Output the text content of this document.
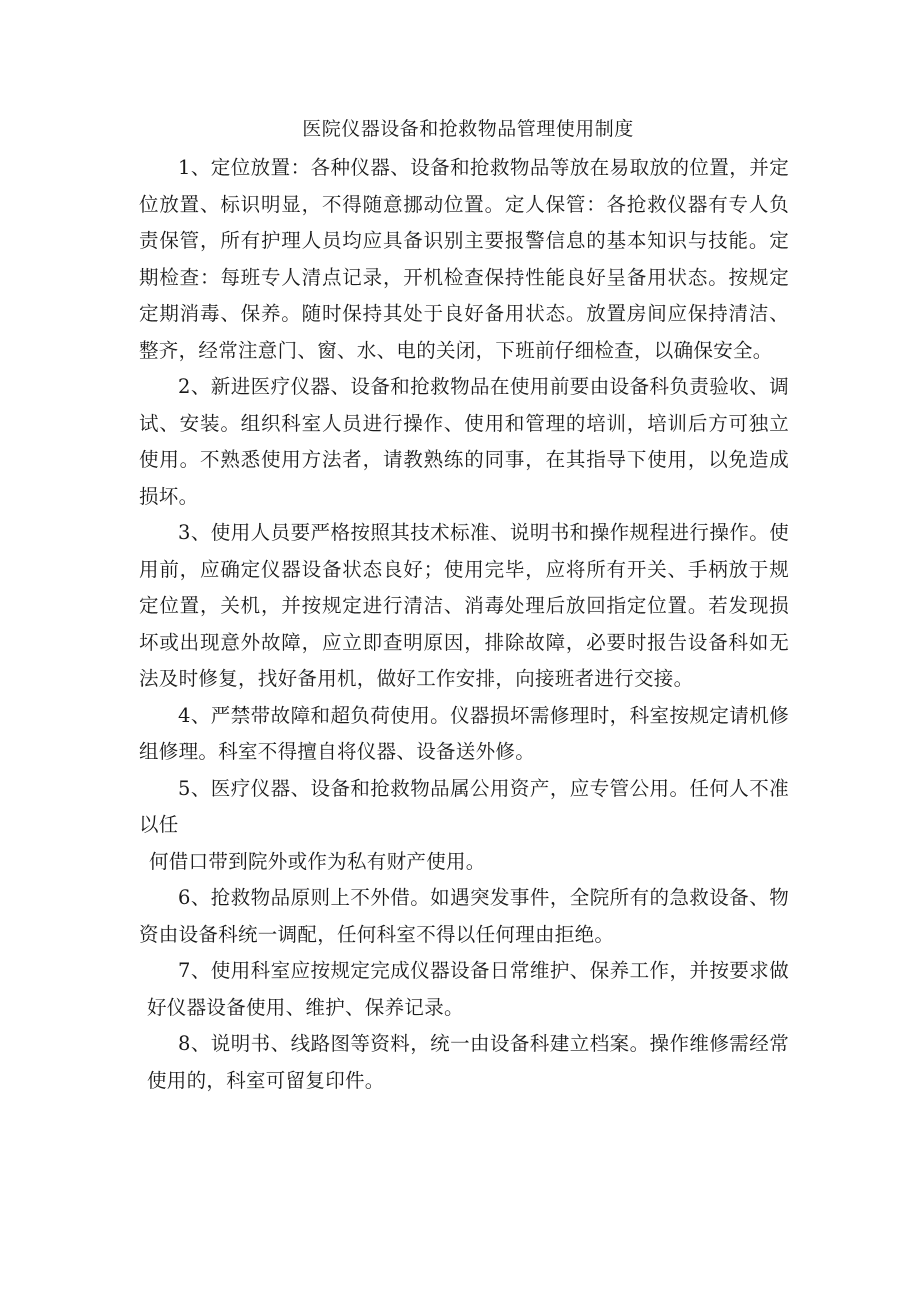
医院仪器设备和抢救物品管理使用制度

1、定位放置：各种仪器、设备和抢救物品等放在易取放的位置，并定位放置、标识明显，不得随意挪动位置。定人保管：各抢救仪器有专人负责保管，所有护理人员均应具备识别主要报警信息的基本知识与技能。定期检查：每班专人清点记录，开机检查保持性能良好呈备用状态。按规定定期消毒、保养。随时保持其处于良好备用状态。放置房间应保持清洁、整齐，经常注意门、窗、水、电的关闭，下班前仔细检查，以确保安全。

2、新进医疗仪器、设备和抢救物品在使用前要由设备科负责验收、调试、安装。组织科室人员进行操作、使用和管理的培训，培训后方可独立使用。不熟悉使用方法者，请教熟练的同事，在其指导下使用，以免造成损坏。

3、使用人员要严格按照其技术标准、说明书和操作规程进行操作。使用前，应确定仪器设备状态良好；使用完毕，应将所有开关、手柄放于规定位置，关机，并按规定进行清洁、消毒处理后放回指定位置。若发现损坏或出现意外故障，应立即查明原因，排除故障，必要时报告设备科如无法及时修复，找好备用机，做好工作安排，向接班者进行交接。

4、严禁带故障和超负荷使用。仪器损坏需修理时，科室按规定请机修组修理。科室不得擅自将仪器、设备送外修。

5、医疗仪器、设备和抢救物品属公用资产，应专管公用。任何人不准以任

何借口带到院外或作为私有财产使用。

6、抢救物品原则上不外借。如遇突发事件，全院所有的急救设备、物资由设备科统一调配，任何科室不得以任何理由拒绝。

7、使用科室应按规定完成仪器设备日常维护、保养工作，并按要求做好仪器设备使用、维护、保养记录。

8、说明书、线路图等资料，统一由设备科建立档案。操作维修需经常使用的，科室可留复印件。
